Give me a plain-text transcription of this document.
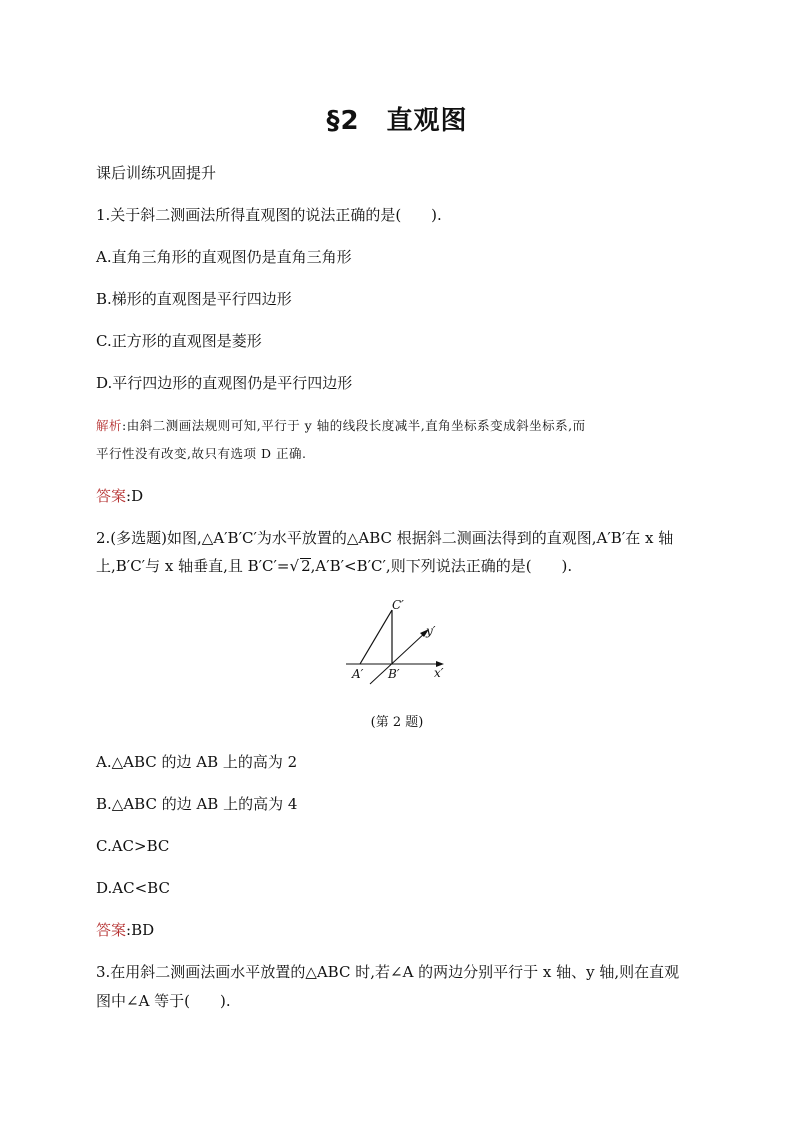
§2　直观图
课后训练巩固提升
1.关于斜二测画法所得直观图的说法正确的是(　　).
A.直角三角形的直观图仍是直角三角形
B.梯形的直观图是平行四边形
C.正方形的直观图是菱形
D.平行四边形的直观图仍是平行四边形
解析:由斜二测画法规则可知,平行于 y 轴的线段长度减半,直角坐标系变成斜坐标系,而
平行性没有改变,故只有选项 D 正确.
答案:D
2.(多选题)如图,△A′B′C′为水平放置的△ABC 根据斜二测画法得到的直观图,A′B′在 x 轴
上,B′C′与 x 轴垂直,且 B′C′=√ 2,A′B′<B′C′,则下列说法正确的是(　　).
C′
y′
A′ B′	x′
(第 2 题)
A.△ABC 的边 AB 上的高为 2
B.△ABC 的边 AB 上的高为 4
C.AC>BC
D.AC<BC
答案:BD
3.在用斜二测画法画水平放置的△ABC 时,若∠A 的两边分别平行于 x 轴、y 轴,则在直观
图中∠A 等于(　　).
